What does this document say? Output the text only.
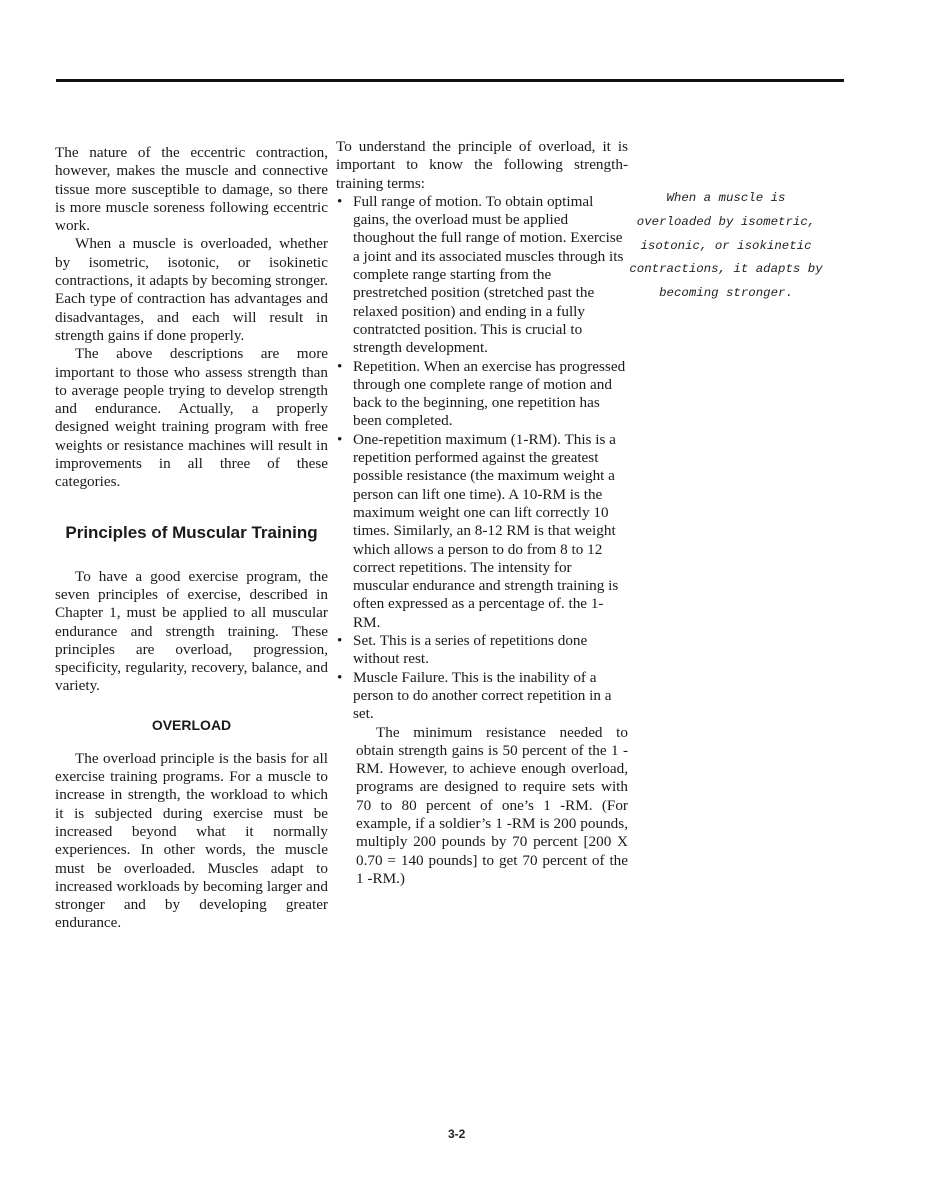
The nature of the eccentric contraction, however, makes the muscle and connective tissue more susceptible to damage, so there is more muscle soreness following eccentric work.

When a muscle is overloaded, whether by isometric, isotonic, or isokinetic contractions, it adapts by becoming stronger. Each type of contraction has advantages and disadvantages, and each will result in strength gains if done properly.

The above descriptions are more important to those who assess strength than to average people trying to develop strength and endurance. Actually, a properly designed weight training program with free weights or resistance machines will result in improvements in all three of these categories.

Principles of Muscular Training

To have a good exercise program, the seven principles of exercise, described in Chapter 1, must be applied to all muscular endurance and strength training. These principles are overload, progression, specificity, regularity, recovery, balance, and variety.

OVERLOAD

The overload principle is the basis for all exercise training programs. For a muscle to increase in strength, the workload to which it is subjected during exercise must be increased beyond what it normally experiences. In other words, the muscle must be overloaded. Muscles adapt to increased workloads by becoming larger and stronger and by developing greater endurance.

To understand the principle of overload, it is important to know the following strength-training terms:

• Full range of motion. To obtain optimal gains, the overload must be applied thoughout the full range of motion. Exercise a joint and its associated muscles through its complete range starting from the prestretched position (stretched past the relaxed position) and ending in a fully contratcted position. This is crucial to strength development.
• Repetition. When an exercise has progressed through one complete range of motion and back to the beginning, one repetition has been completed.
• One-repetition maximum (1-RM). This is a repetition performed against the greatest possible resistance (the maximum weight a person can lift one time). A 10-RM is the maximum weight one can lift correctly 10 times. Similarly, an 8-12 RM is that weight which allows a person to do from 8 to 12 correct repetitions. The intensity for muscular endurance and strength training is often expressed as a percentage of. the 1-RM.
• Set. This is a series of repetitions done without rest.
• Muscle Failure. This is the inability of a person to do another correct repetition in a set.

The minimum resistance needed to obtain strength gains is 50 percent of the 1 -RM. However, to achieve enough overload, programs are designed to require sets with 70 to 80 percent of one’s 1 -RM. (For example, if a soldier’s 1 -RM is 200 pounds, multiply 200 pounds by 70 percent [200 X 0.70 = 140 pounds] to get 70 percent of the 1 -RM.)

When a muscle is overloaded by isometric, isotonic, or isokinetic contractions, it adapts by becoming stronger.
3-2
